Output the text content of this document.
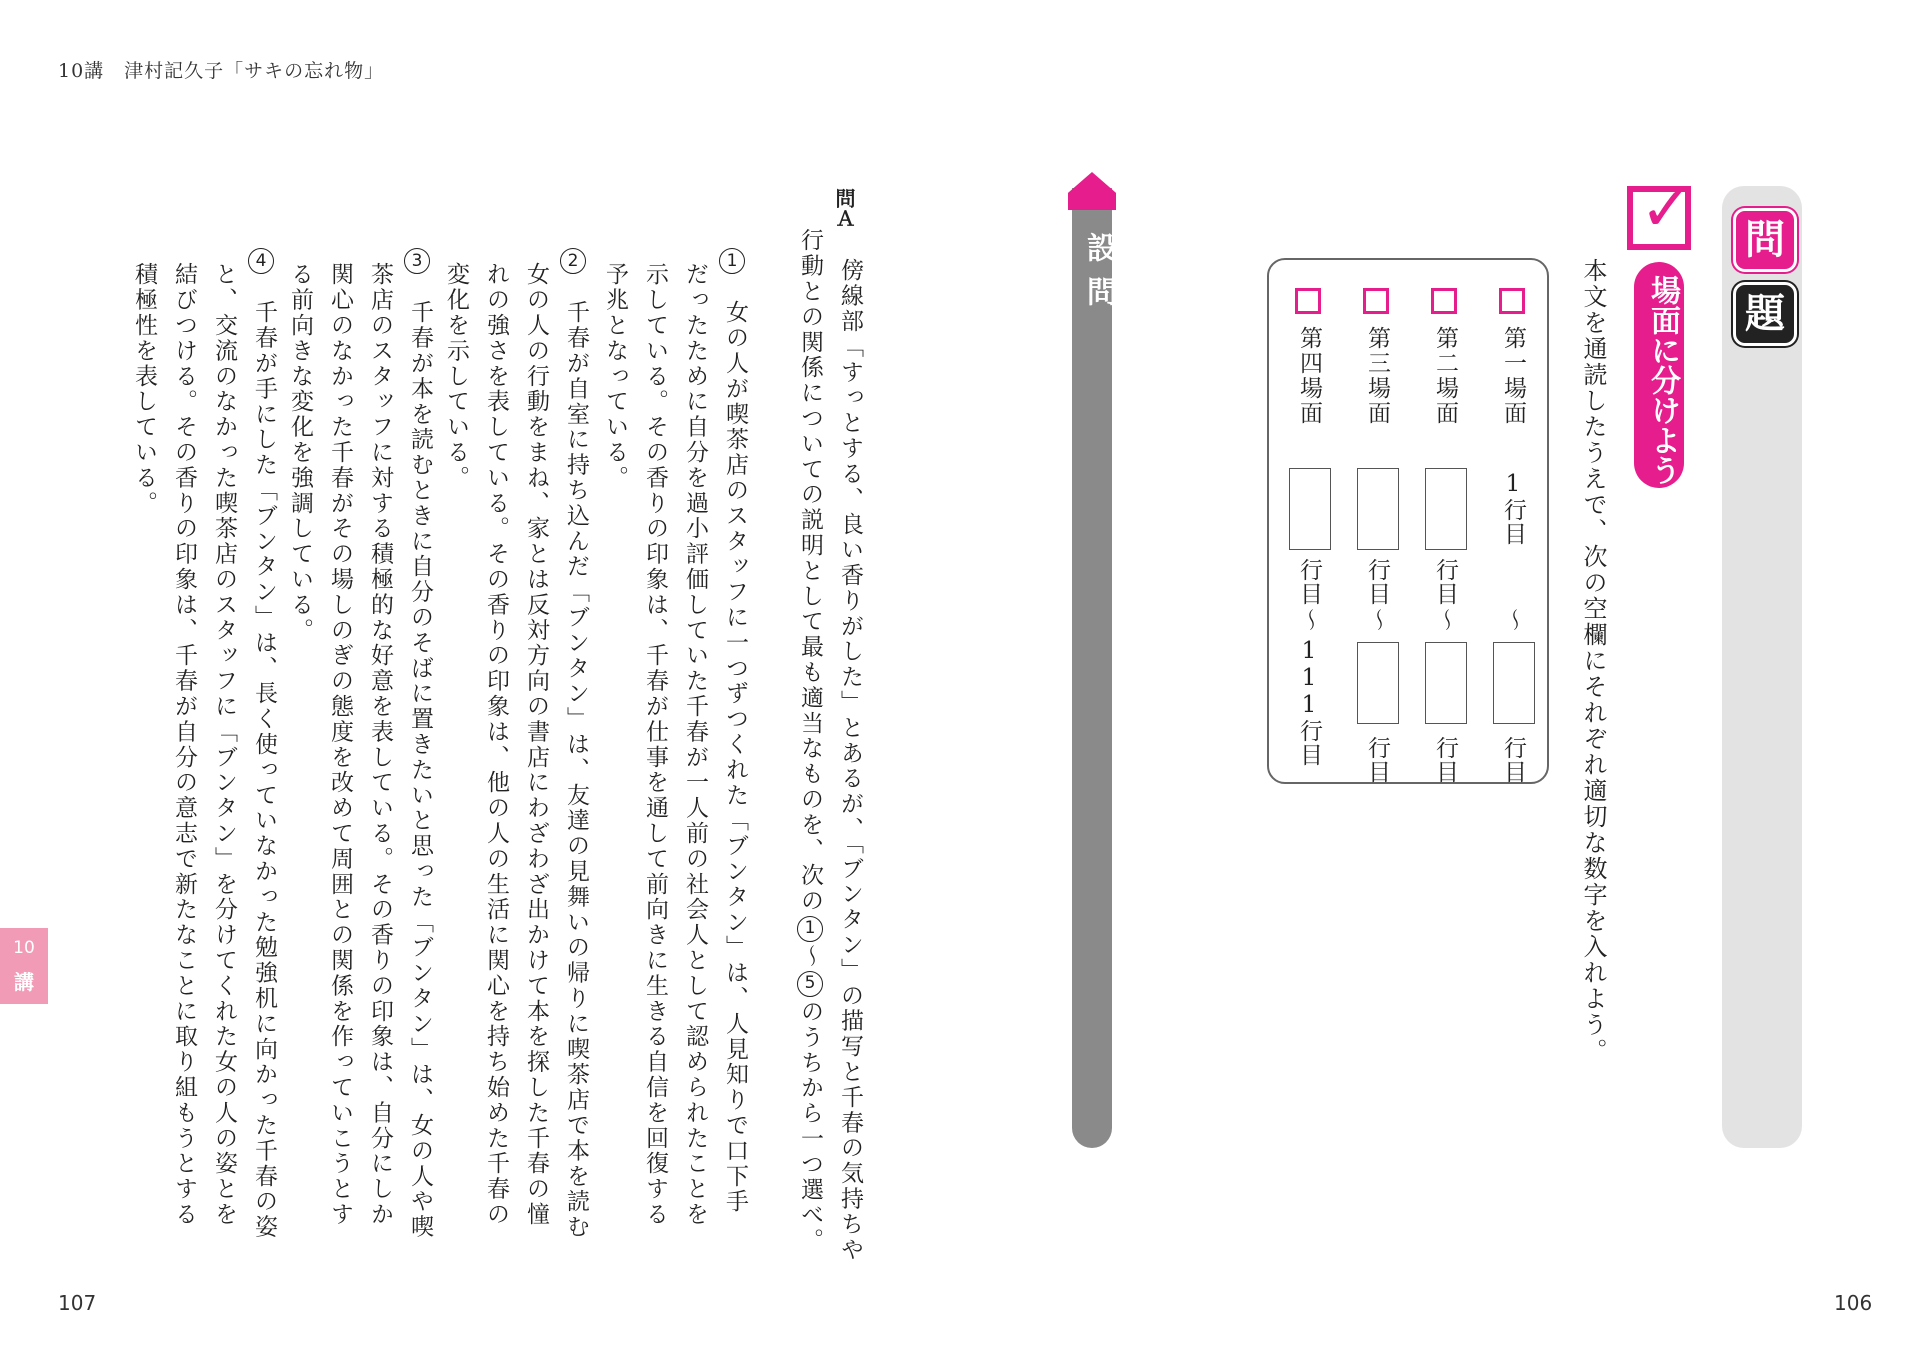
10講　津村記久子「サキの忘れ物」
107	106
10
講
問
題
✓
場面に分けよう
本文を通読したうえで、次の空欄にそれぞれ適切な数字を入れよう。
第一場面
1行目
〜
行目
第二場面
行目
〜
行目
第三場面
行目
〜
行目
第四場面
行目
〜
111行目
設問
問Ａ
傍線部「すっとする、良い香りがした」とあるが、「ブンタン」の描写と千春の気持ちや
行動との関係についての説明として最も適当なものを、次の1〜5のうちから一つ選べ。
1
女の人が喫茶店のスタッフに一つずつくれた「ブンタン」は、人見知りで口下手
だったために自分を過小評価していた千春が一人前の社会人として認められたことを
示している。その香りの印象は、千春が仕事を通して前向きに生きる自信を回復する
予兆となっている。
2
千春が自室に持ち込んだ「ブンタン」は、友達の見舞いの帰りに喫茶店で本を読む
女の人の行動をまね、家とは反対方向の書店にわざわざ出かけて本を探した千春の憧
れの強さを表している。その香りの印象は、他の人の生活に関心を持ち始めた千春の
変化を示している。
3
千春が本を読むときに自分のそばに置きたいと思った「ブンタン」は、女の人や喫
茶店のスタッフに対する積極的な好意を表している。その香りの印象は、自分にしか
関心のなかった千春がその場しのぎの態度を改めて周囲との関係を作っていこうとす
る前向きな変化を強調している。
4
千春が手にした「ブンタン」は、長く使っていなかった勉強机に向かった千春の姿
と、交流のなかった喫茶店のスタッフに「ブンタン」を分けてくれた女の人の姿とを
結びつける。その香りの印象は、千春が自分の意志で新たなことに取り組もうとする
積極性を表している。
